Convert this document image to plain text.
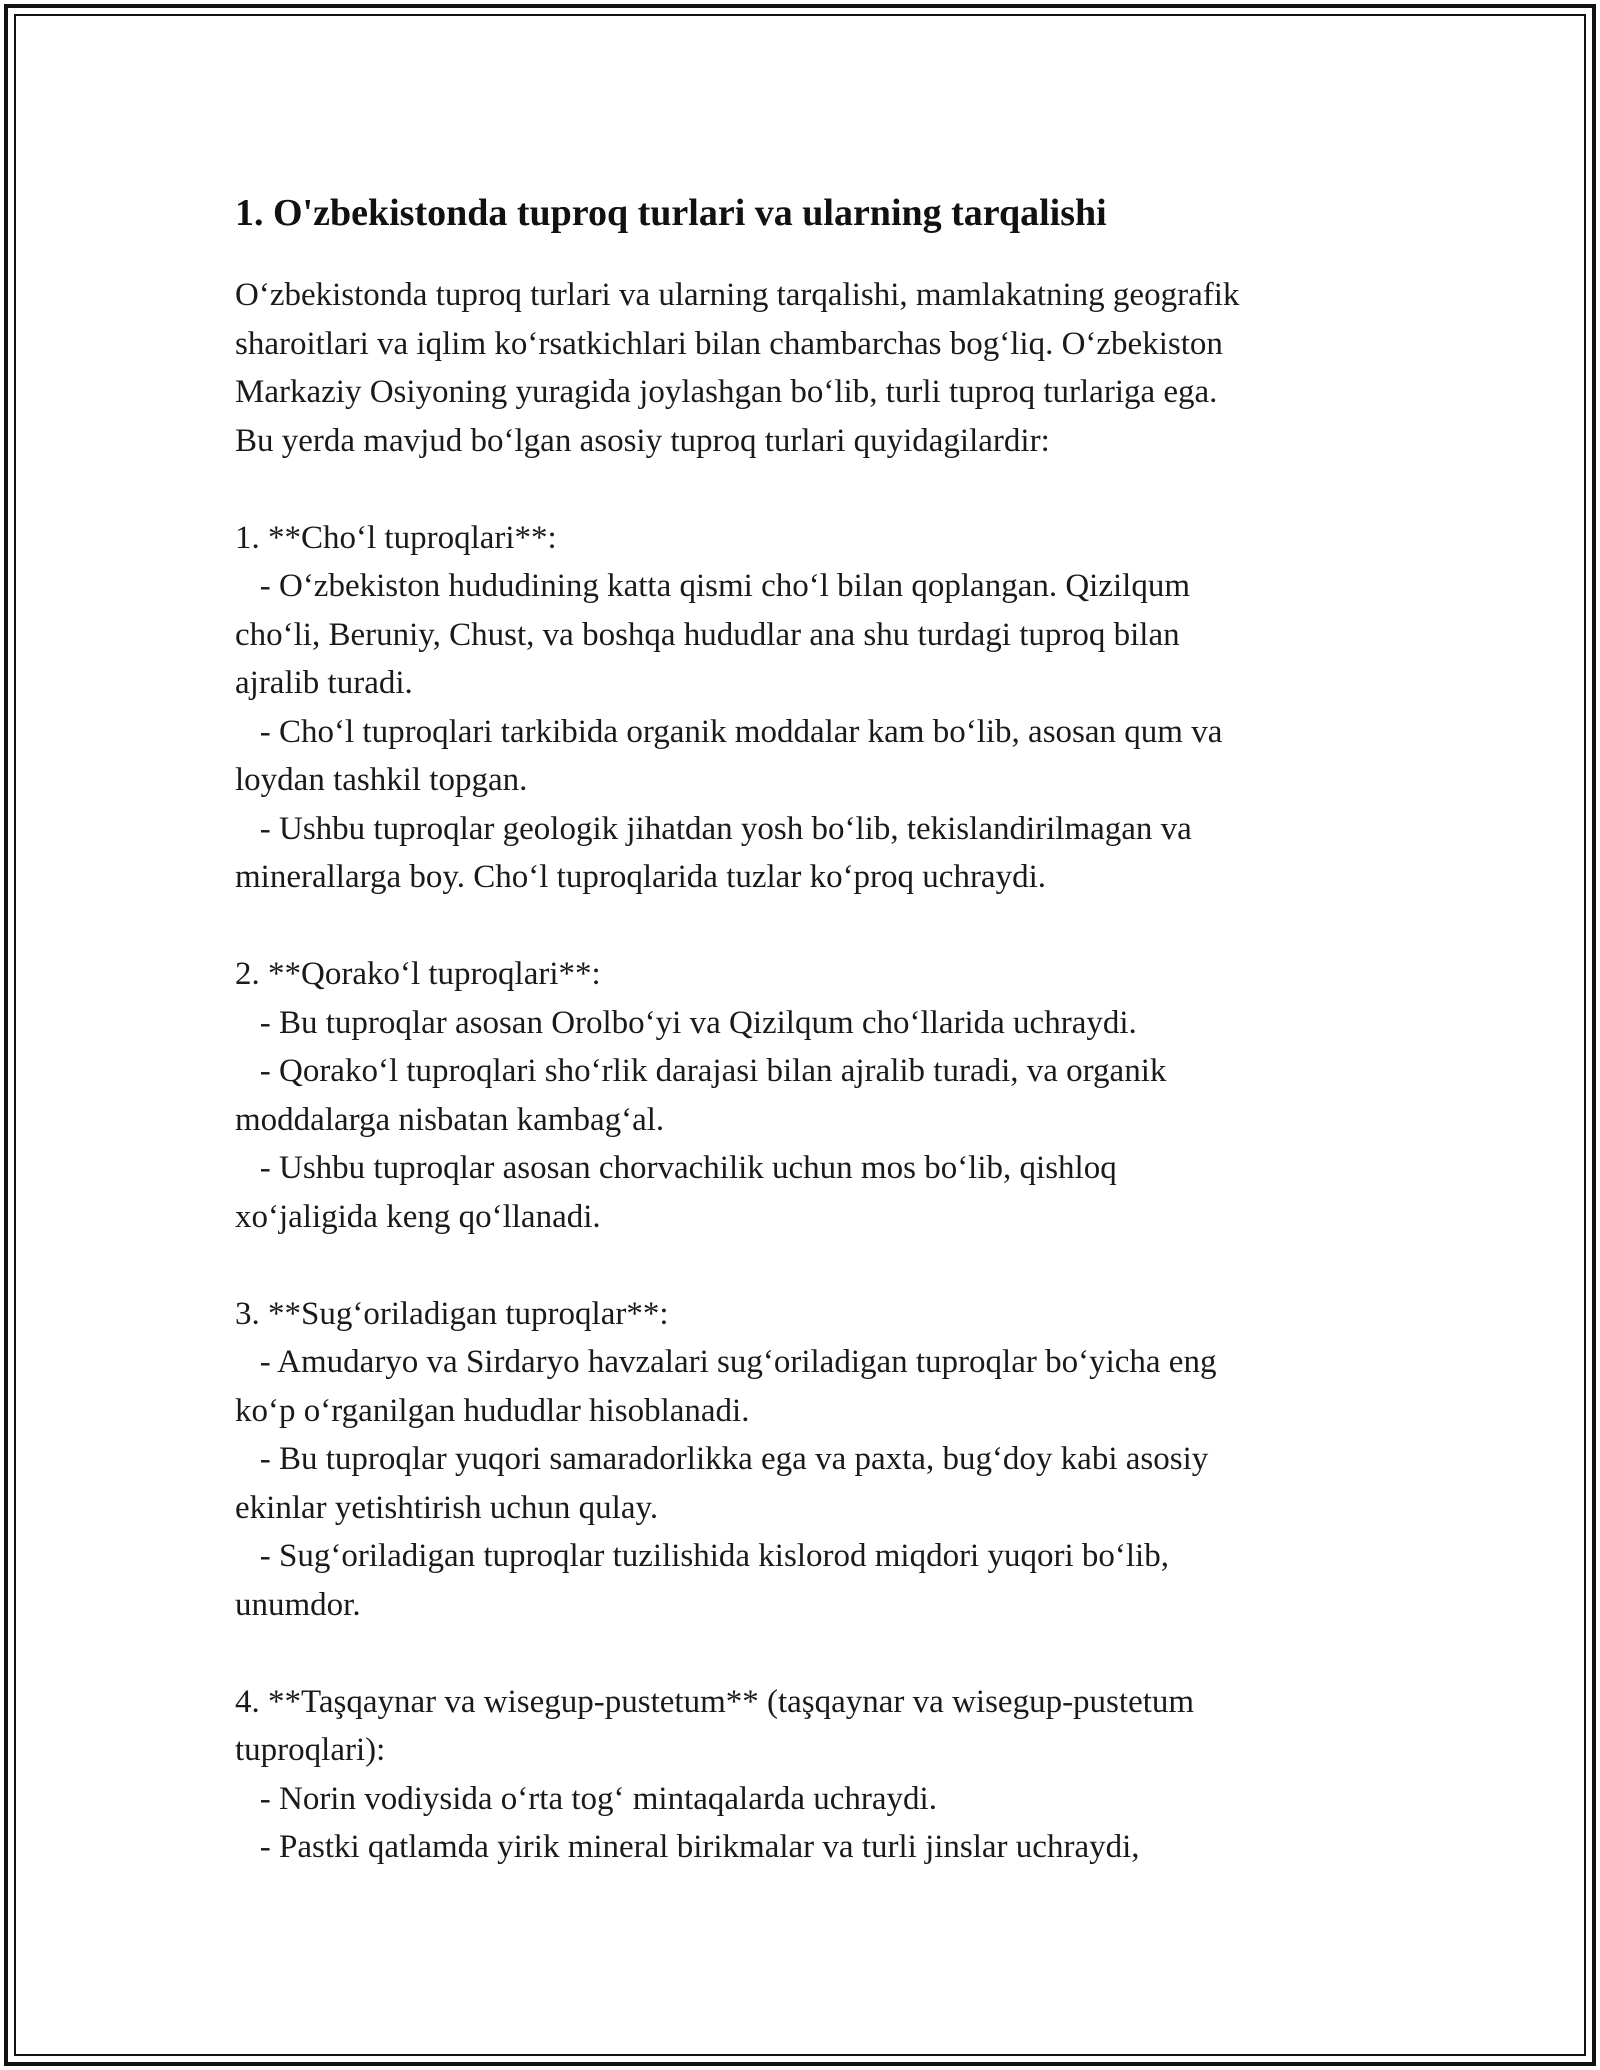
1. O'zbekistonda tuproq turlari va ularning tarqalishi

O‘zbekistonda tuproq turlari va ularning tarqalishi, mamlakatning geografik

sharoitlari va iqlim ko‘rsatkichlari bilan chambarchas bog‘liq. O‘zbekiston

Markaziy Osiyoning yuragida joylashgan bo‘lib, turli tuproq turlariga ega.

Bu yerda mavjud bo‘lgan asosiy tuproq turlari quyidagilardir:

1. **Cho‘l tuproqlari**:

- O‘zbekiston hududining katta qismi cho‘l bilan qoplangan. Qizilqum

cho‘li, Beruniy, Chust, va boshqa hududlar ana shu turdagi tuproq bilan

ajralib turadi.

- Cho‘l tuproqlari tarkibida organik moddalar kam bo‘lib, asosan qum va

loydan tashkil topgan.

- Ushbu tuproqlar geologik jihatdan yosh bo‘lib, tekislandirilmagan va

minerallarga boy. Cho‘l tuproqlarida tuzlar ko‘proq uchraydi.

2. **Qorako‘l tuproqlari**:

- Bu tuproqlar asosan Orolbo‘yi va Qizilqum cho‘llarida uchraydi.

- Qorako‘l tuproqlari sho‘rlik darajasi bilan ajralib turadi, va organik

moddalarga nisbatan kambag‘al.

- Ushbu tuproqlar asosan chorvachilik uchun mos bo‘lib, qishloq

xo‘jaligida keng qo‘llanadi.

3. **Sug‘oriladigan tuproqlar**:

- Amudaryo va Sirdaryo havzalari sug‘oriladigan tuproqlar bo‘yicha eng

ko‘p o‘rganilgan hududlar hisoblanadi.

- Bu tuproqlar yuqori samaradorlikka ega va paxta, bug‘doy kabi asosiy

ekinlar yetishtirish uchun qulay.

- Sug‘oriladigan tuproqlar tuzilishida kislorod miqdori yuqori bo‘lib,

unumdor.

4. **Taşqaynar va wisegup-pustetum** (taşqaynar va wisegup-pustetum

tuproqlari):

- Norin vodiysida o‘rta tog‘ mintaqalarda uchraydi.

- Pastki qatlamda yirik mineral birikmalar va turli jinslar uchraydi,
